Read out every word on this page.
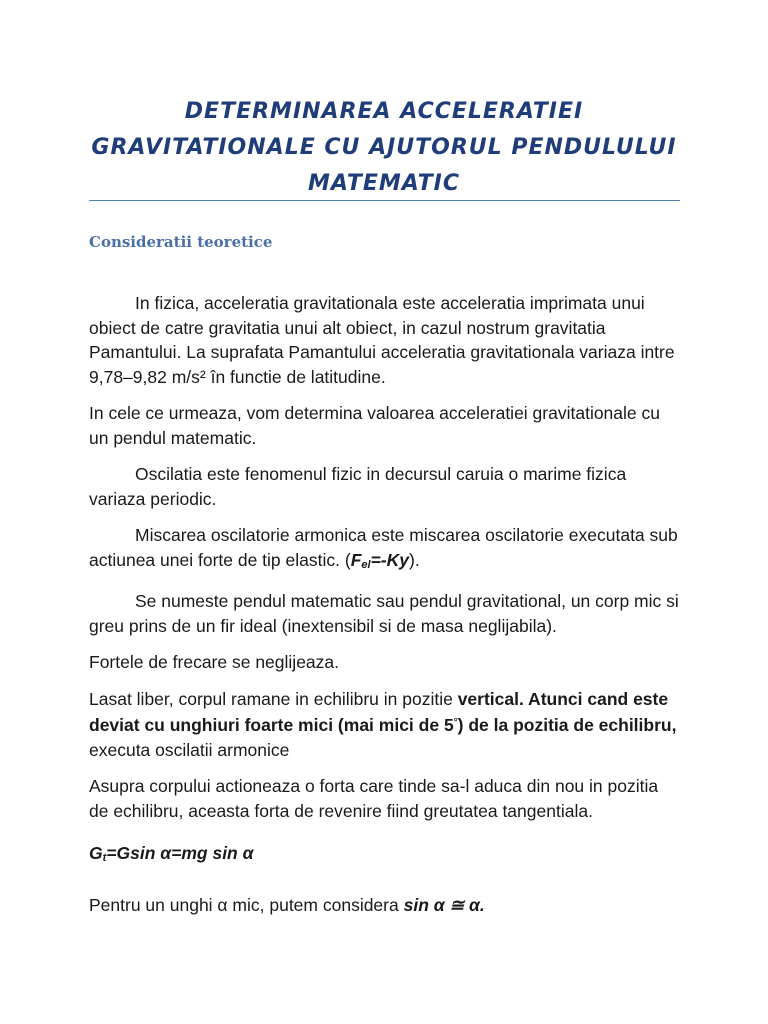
DETERMINAREA ACCELERATIEI
GRAVITATIONALE CU AJUTORUL PENDULULUI
MATEMATIC
Consideratii teoretice

In fizica, acceleratia gravitationala este acceleratia imprimata unui obiect de catre gravitatia unui alt obiect, in cazul nostrum gravitatia Pamantului. La suprafata Pamantului acceleratia gravitationala variaza intre 9,78–9,82 m/s² în functie de latitudine.

In cele ce urmeaza, vom determina valoarea acceleratiei gravitationale cu un pendul matematic.

Oscilatia este fenomenul fizic in decursul caruia o marime fizica variaza periodic.

Miscarea oscilatorie armonica este miscarea oscilatorie executata sub actiunea unei forte de tip elastic. (Fel=-Ky).

Se numeste pendul matematic sau pendul gravitational, un corp mic si greu prins de un fir ideal (inextensibil si de masa neglijabila).

Fortele de frecare se neglijeaza.

Lasat liber, corpul ramane in echilibru in pozitie vertical. Atunci cand este deviat cu unghiuri foarte mici (mai mici de 5°) de la pozitia de echilibru,
executa oscilatii armonice

Asupra corpului actioneaza o forta care tinde sa-l aduca din nou in pozitia de echilibru, aceasta forta de revenire fiind greutatea tangentiala.

Gt=Gsin α=mg sin α

Pentru un unghi α mic, putem considera sin α ≅ α.
